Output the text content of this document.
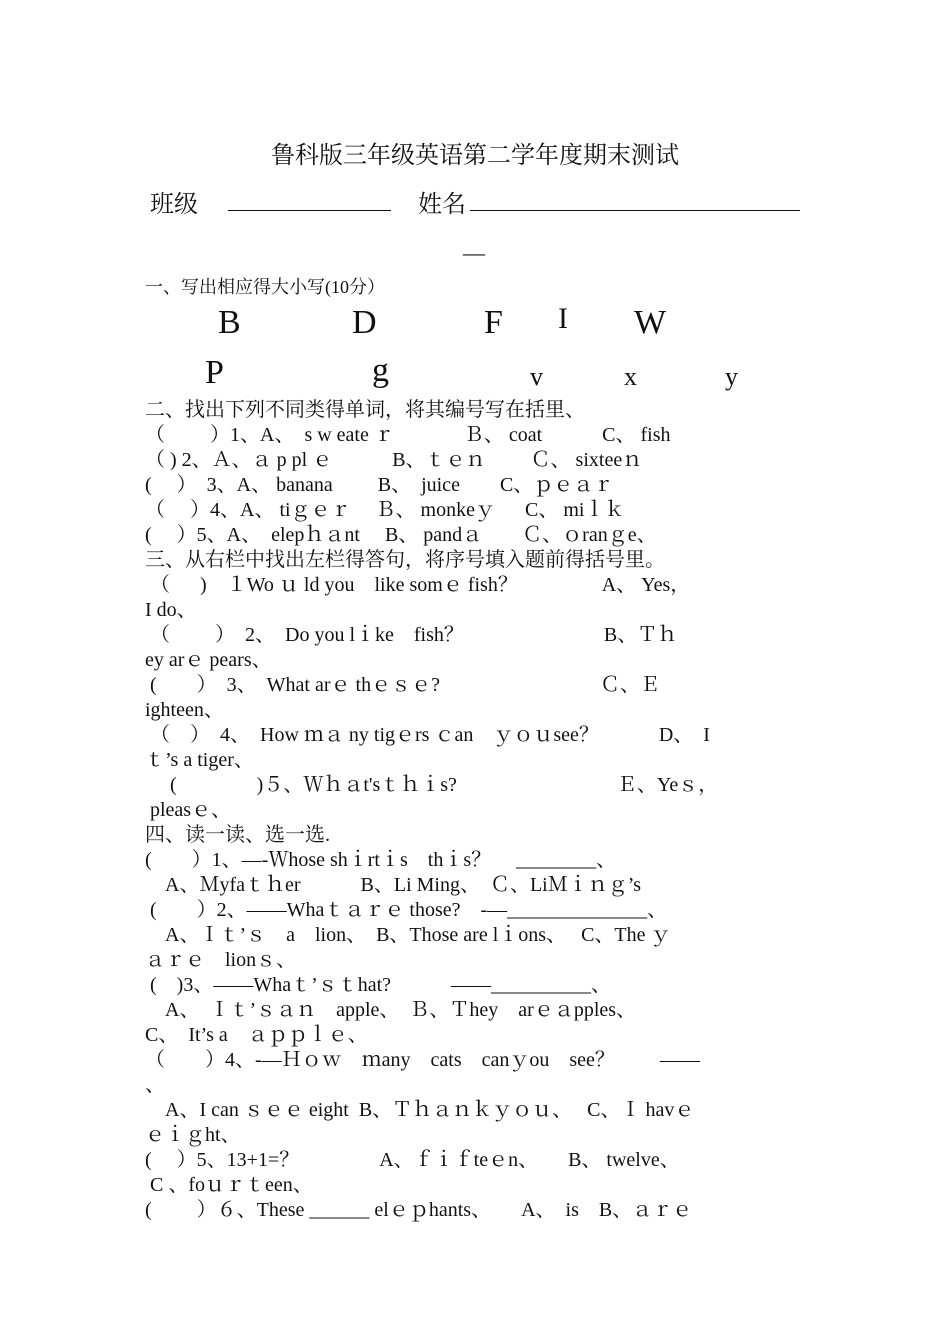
鲁科版三年级英语第二学年度期末测试
班级	姓名
—
一、写出相应得大小写(10分）
B	D	F I W
P	g	v	x	y
二、找出下列不同类得单词，将其编号写在括里、
（ 　　）1、A、　s w eate ｒ 　　 　Ｂ、 coat　　　C、 fish
（ ) 2、Ａ、ａ p pl ｅ　　　B、ｔｅｎ　　 Ｃ、 sixteeｎ
(　 ）　3、A、 banana　　 B、　juice　　C、ｐｅａｒ
（　 ）4、A、 tiｇｅｒ 　Ｂ、 monkeｙ 　 C、 miｌｋ
(　 ）5、A、　elepｈａnt　 B、 pandａ　　Ｃ、ｏranｇe、
三、从右栏中找出左栏得答句，将序号填入题前得括号里。
（　  )　１Wo ｕ ld you　like somｅ fish？　　　　 A、 Yes，
I do、
（　　 ）  2、　Do you lｉke　fish？　　　　　　　B、Ｔｈ
ey arｅ pears、
(　　）　3、　What arｅ thｅｓｅ?　　　　　　　　Ｃ、Ｅ
ighteen、
（　）  4、　How ｍａ ny tigｅrs ｃan　ｙｏｕsee？　　　D、　I
ｔ’s a tiger、
　 (　　　　)５、Ｗｈａt'sｔｈｉs?　　　　　　　　Ｅ、Yeｓ，
pleasｅ、
四、读一读、选一选.
(　　）1、—-Ｗhose shｉrtｉs　thｉs？　 ________、
　A、Ｍyfaｔｈer　　　B、Li Ming、　Ｃ、LiＭｉｎｇ’s
(　　）2、——Whaｔａｒｅ those?　-—______________、
　A、Ｉｔ’ｓ　a　lion、　B、Those are lｉons、　 C、The ｙ
ａｒｅ　lionｓ、
(　)3、——Whaｔ’ｓｔhat?　　　——__________、
　A、　Ｉｔ’ｓａｎ　apple、　Ｂ、Ｔhey　arｅａpples、
C、　It’s a　ａｐｐｌｅ、
（　　）4、-—Ｈｏｗ　ｍany　cats　canｙou　see？　　 ——
、
　A、I can ｓｅｅ eight  B、Ｔｈａｎｋｙｏｕ、　 C、Ｉ havｅ
ｅｉｇht、
(　 ）5、13+1=？　　　　A、ｆｉｆteｅn、　　B、 twelve、
C 、foｕｒｔeen、
(　　 ）６、These ______ elｅｐhants、　　A、　is　B、ａｒｅ
